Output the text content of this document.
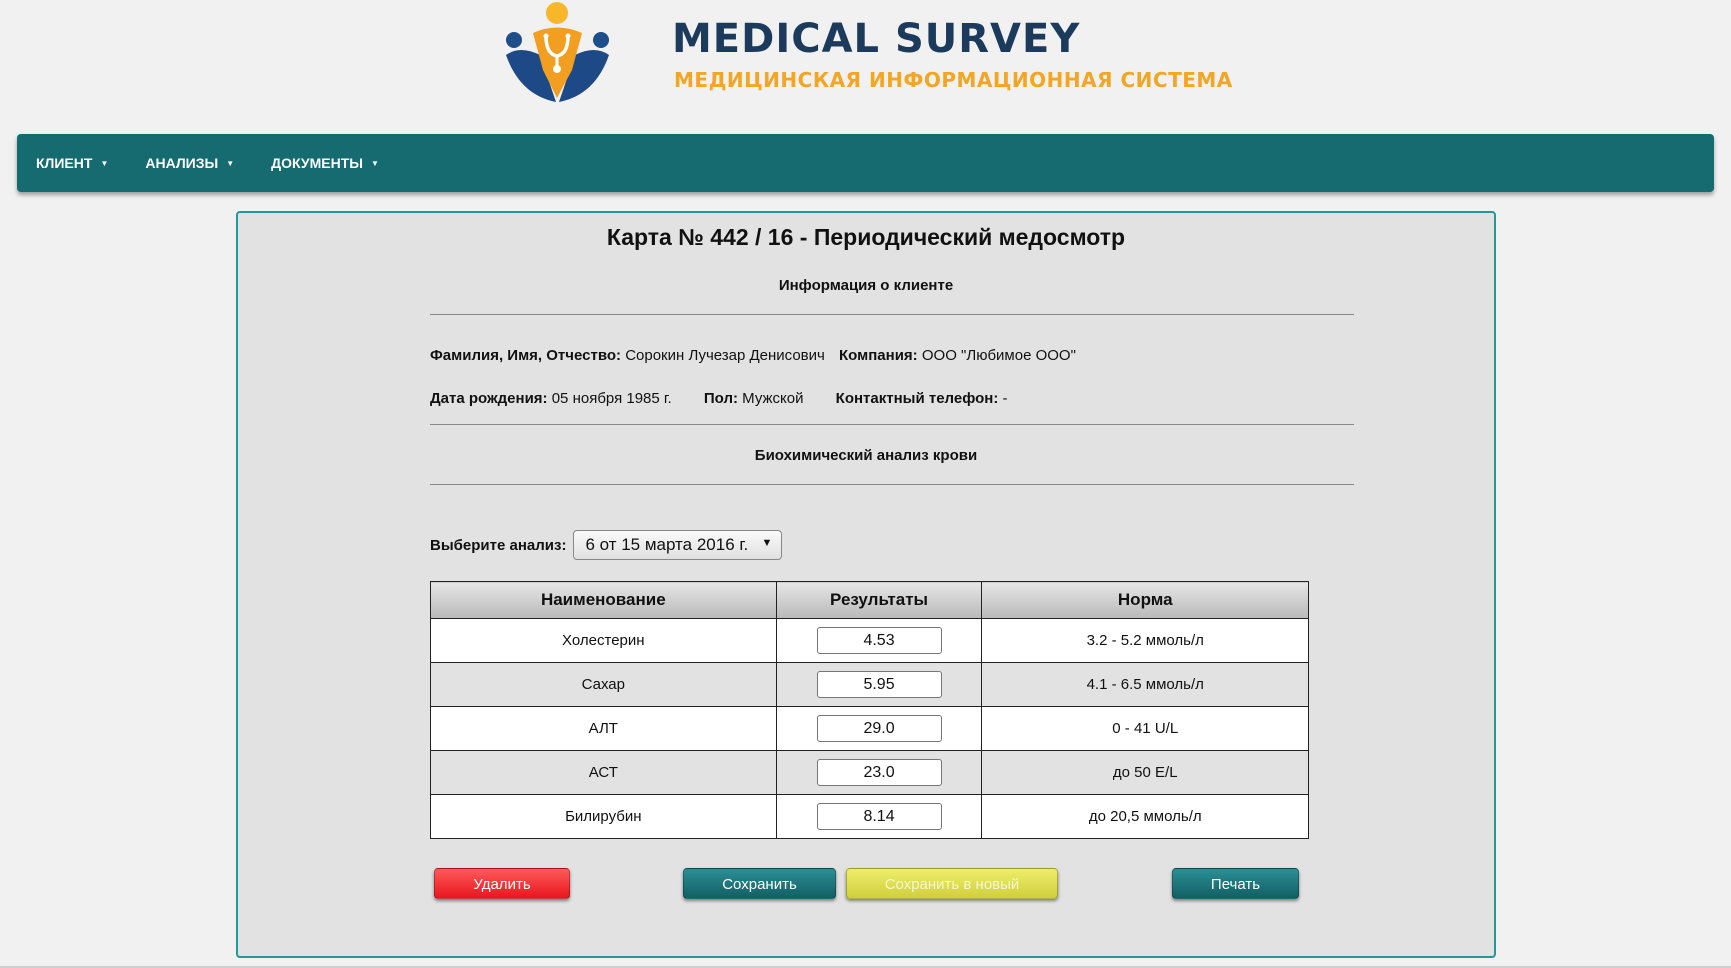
MEDICAL SURVEY
МЕДИЦИНСКАЯ ИНФОРМАЦИОННАЯ СИСТЕМА
КЛИЕНТ ▼	АНАЛИЗЫ ▼	ДОКУМЕНТЫ ▼
Карта № 442 / 16 - Периодический медосмотр
Информация о клиенте
Фамилия, Имя, Отчество: Сорокин Лучезар Денисович Компания: ООО "Любимое ООО"
Дата рождения: 05 ноября 1985 г. Пол: Мужской Контактный телефон: -
Биохимический анализ крови
Выберите анализ: 6 от 15 марта 2016 г. ▼
Наименование	Результаты	Норма
Холестерин	4.53	3.2 - 5.2 ммоль/л
Сахар	5.95	4.1 - 6.5 ммоль/л
АЛТ	29.0	0 - 41 U/L
АСТ	23.0	до 50 E/L
Билирубин	8.14	до 20,5 ммоль/л
Удалить	Сохранить	Сохранить в новый	Печать
